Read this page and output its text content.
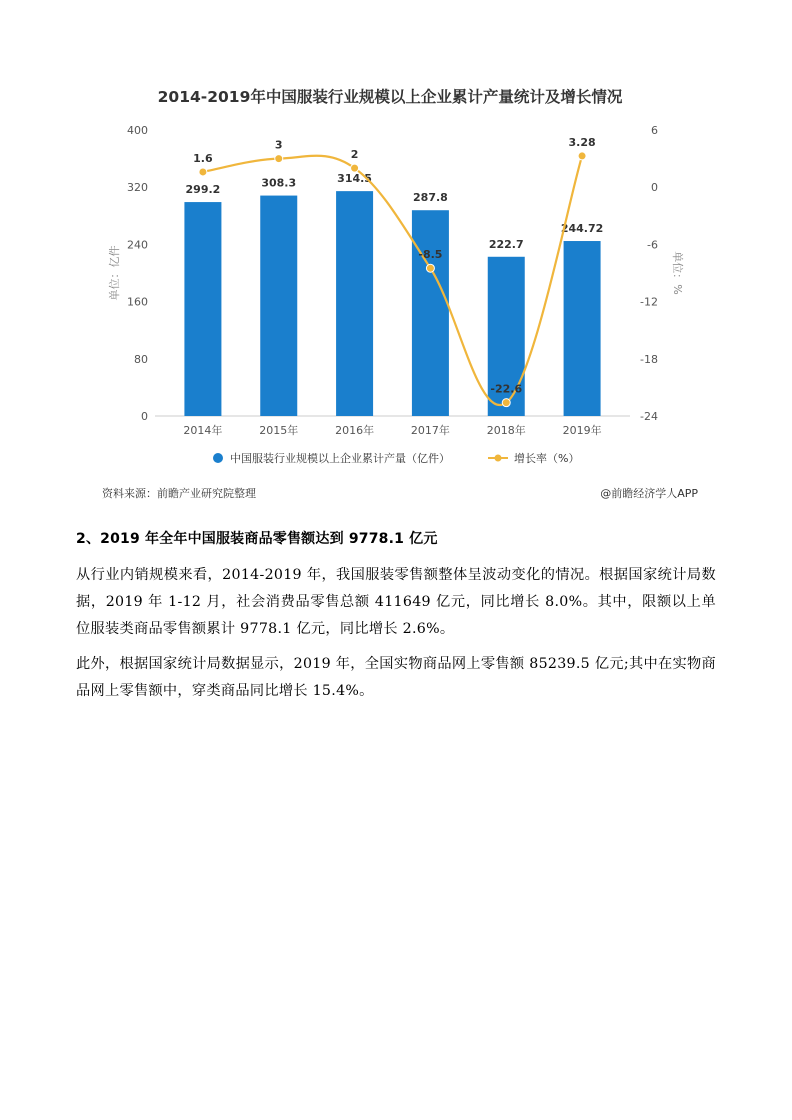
2014-2019年中国服装行业规模以上企业累计产量统计及增长情况
单位：亿件	单位：%
0
80
160
240
320
400
-24
-18
-12
-6
0
6
299.2
308.3	314.5
287.8
222.7
244.72
1.6
3
2
-8.5
-22.6
3.28
2014年	2015年	2016年	2017年	2018年	2019年
中国服装行业规模以上企业累计产量（亿件）	增长率（%）
资料来源：前瞻产业研究院整理	@前瞻经济学人APP

2、2019 年全年中国服装商品零售额达到 9778.1 亿元

从行业内销规模来看，2014-2019 年，我国服装零售额整体呈波动变化的情况。根据国家统计局数据，2019 年 1-12 月，社会消费品零售总额 411649 亿元，同比增长 8.0%。其中，限额以上单位服装类商品零售额累计 9778.1 亿元，同比增长 2.6%。

此外，根据国家统计局数据显示，2019 年，全国实物商品网上零售额 85239.5 亿元;其中在实物商品网上零售额中，穿类商品同比增长 15.4%。
